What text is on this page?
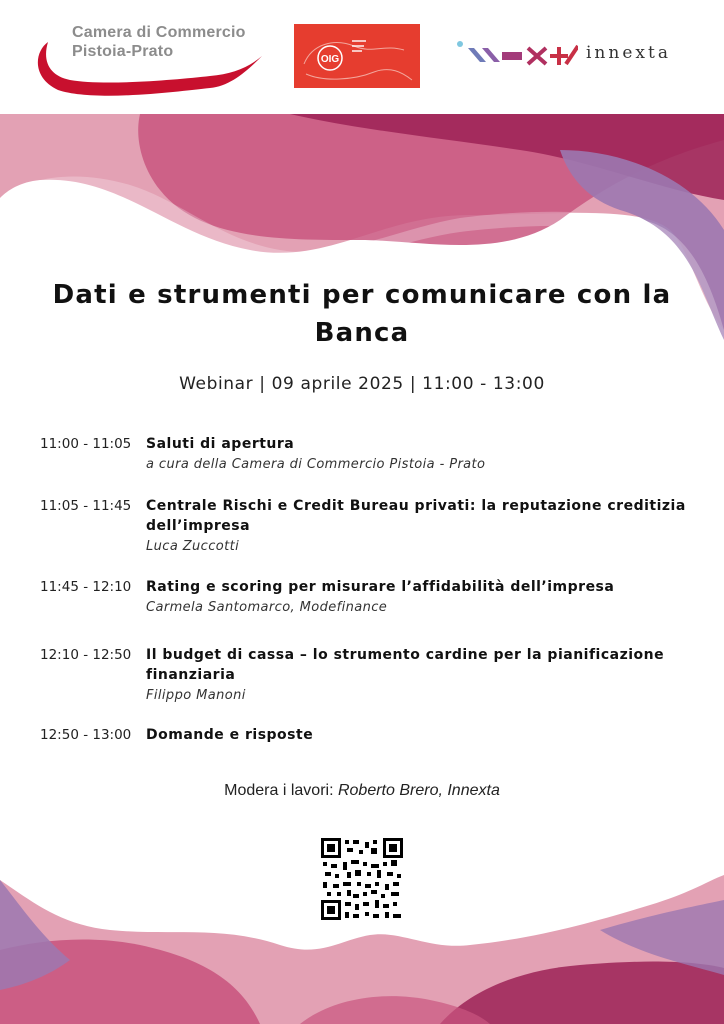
Camera di Commercio
Pistoia-Prato	OIG	innexta
Dati e strumenti per comunicare con la Banca
Webinar | 09 aprile 2025 | 11:00 - 13:00
11:00 - 11:05	Saluti di apertura
a cura della Camera di Commercio Pistoia - Prato
11:05 - 11:45	Centrale Rischi e Credit Bureau privati: la reputazione creditizia dell’impresa
Luca Zuccotti
11:45 - 12:10	Rating e scoring per misurare l’affidabilità dell’impresa
Carmela Santomarco, Modefinance
12:10 - 12:50	Il budget di cassa – lo strumento cardine per la pianificazione finanziaria
Filippo Manoni
12:50 - 13:00	Domande e risposte
Modera i lavori: Roberto Brero, Innexta
